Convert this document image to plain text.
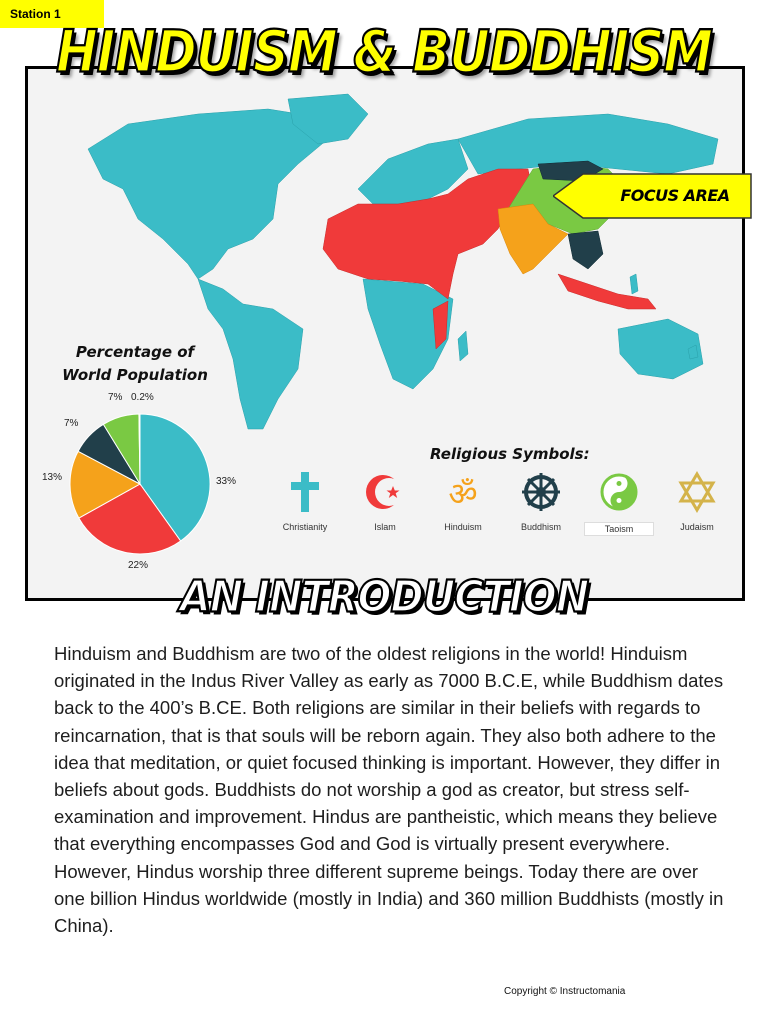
Station 1
FOCUS AREA
HINDUISM & BUDDHISM
Percentage of
World Population
33%
22%
13%
7%
7% 0.2%
Religious Symbols:
Christianity	Islam
ॐ
Hinduism	Buddhism	Taoism	Judaism
AN INTRODUCTION

Hinduism and Buddhism are two of the oldest religions in the world! Hinduism originated in the Indus River Valley as early as 7000 B.C.E, while Buddhism dates back to the 400’s B.CE. Both religions are similar in their beliefs with regards to reincarnation, that is that souls will be reborn again. They also both adhere to the idea that meditation, or quiet focused thinking is important. However, they differ in beliefs about gods. Buddhists do not worship a god as creator, but stress self-examination and improvement. Hindus are pantheistic, which means they believe that everything encompasses God and God is virtually present everywhere. However, Hindus worship three different supreme beings. Today there are over one billion Hindus worldwide (mostly in India) and 360 million Buddhists (mostly in China).

Copyright © Instructomania
